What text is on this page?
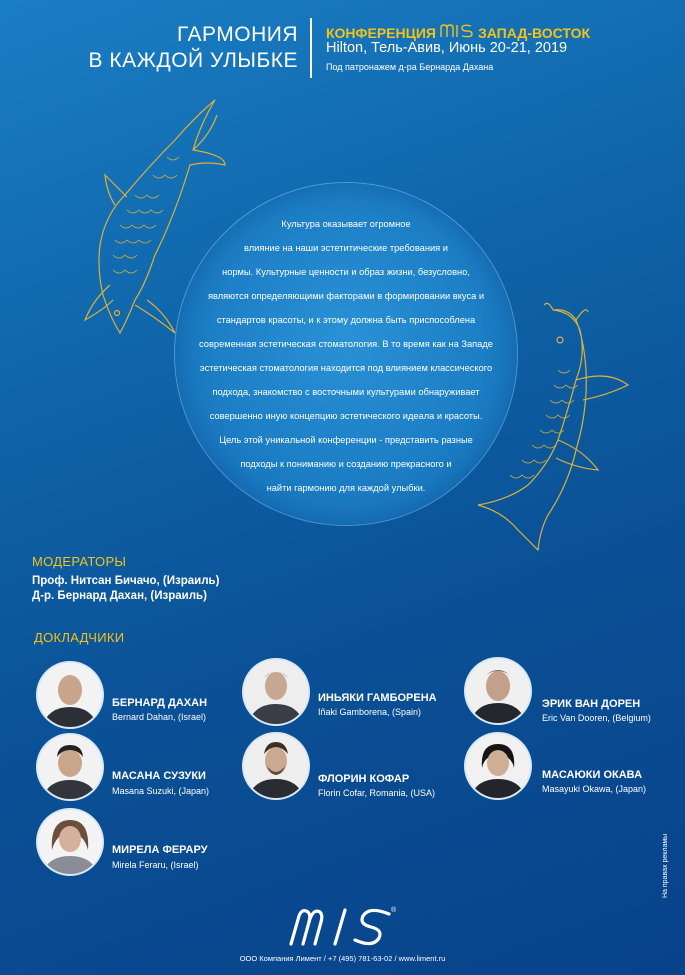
ГАРМОНИЯ
В КАЖДОЙ УЛЫБКЕ
КОНФЕРЕНЦИЯ	ЗАПАД-ВОСТОК
Hilton, Тель-Авив, Июнь 20-21, 2019
Под патронажем д-ра Бернарда Дахана
Культура оказывает огромное
влияние на наши эстетитические требования и
нормы. Культурные ценности и образ жизни, безусловно,
являются определяющими факторами в формировании вкуса и
стандартов красоты, и к этому должна быть приспособлена
современная эстетическая стоматология. В то время как на Западе
эстетическая стоматология находится под влиянием классического
подхода, знакомство с восточными культурами обнаруживает
совершенно иную концепцию эстетического идеала и красоты.
Цель этой уникальной конференции - представить разные
подходы к пониманию и созданию прекрасного и
найти гармонию для каждой улыбки.
МОДЕРАТОРЫ
Проф. Нитсан Бичачо, (Израиль)
Д-р. Бернард Дахан, (Израиль)
ДОКЛАДЧИКИ
БЕРНАРД ДАХАН
Bernard Dahan, (Israel)
ИНЬЯКИ ГАМБОРЕНА
Iñaki Gamborena, (Spain)
ЭРИК ВАН ДОРЕН
Eric Van Dooren, (Belgium)
МАСАНА СУЗУКИ
Masana Suzuki, (Japan)
ФЛОРИН КОФАР
Florin Cofar, Romania, (USA)
МАСАЮКИ ОКАВА
Masayuki Okawa, (Japan)
МИРЕЛА ФЕРАРУ
Mirela Feraru, (Israel)
®
ООО Компания Лимент / +7 (495) 781-63-02 / www.liment.ru
На правах рекламы
